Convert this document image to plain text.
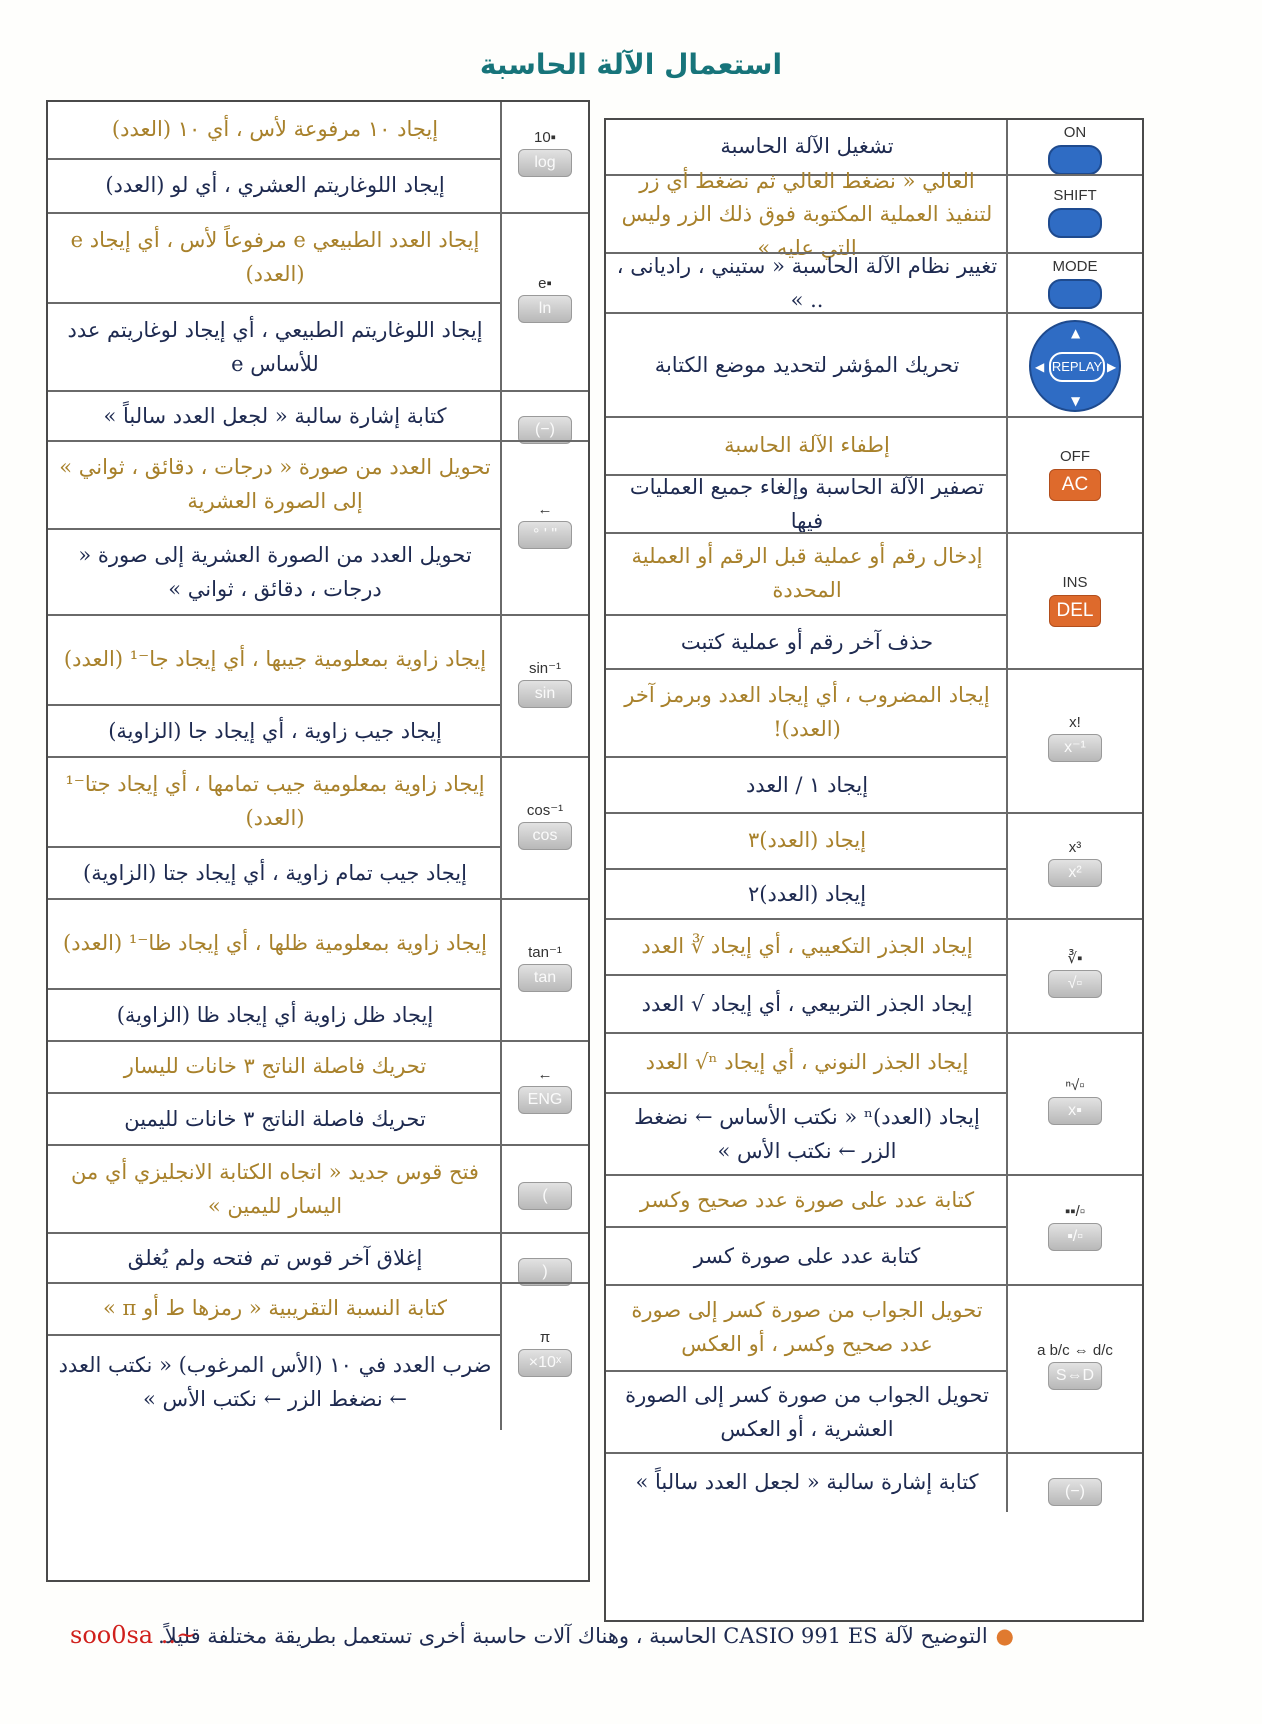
استعمال الآلة الحاسبة
ON
تشغيل الآلة الحاسبة
SHIFT
العالي « نضغط العالي ثم نضغط أي زر لتنفيذ العملية المكتوبة فوق ذلك الزر وليس التي عليه »
MODE
تغيير نظام الآلة الحاسبة « ستيني ، راديانى ، .. »
REPLAY
▲
▼
◀	▶
تحريك المؤشر لتحديد موضع الكتابة
OFF
AC
إطفاء الآلة الحاسبة
تصفير الآلة الحاسبة وإلغاء جميع العمليات فيها
INS
DEL
إدخال رقم أو عملية قبل الرقم أو العملية المحددة
حذف آخر رقم أو عملية كتبت
x!
x⁻¹
إيجاد المضروب ، أي إيجاد العدد وبرمز آخر (العدد)!
إيجاد ١ / العدد
x³
x²
إيجاد (العدد)٣
إيجاد (العدد)٢
∛▪
√▫
إيجاد الجذر التكعيبي ، أي إيجاد ∛ العدد
إيجاد الجذر التربيعي ، أي إيجاد √ العدد
ⁿ√▫
x▪
إيجاد الجذر النوني ، أي إيجاد ⁿ√ العدد
إيجاد (العدد)ⁿ « نكتب الأساس ← نضغط الزر ← نكتب الأس »
▪▪/▫
▪/▫
كتابة عدد على صورة عدد صحيح وكسر
كتابة عدد على صورة كسر
a b/c ⇔ d/c
S⇔D
تحويل الجواب من صورة كسر إلى صورة عدد صحيح وكسر ، أو العكس
تحويل الجواب من صورة كسر إلى الصورة العشرية ، أو العكس

(−)
كتابة إشارة سالبة « لجعل العدد سالباً »
10▪
log
إيجاد ١٠ مرفوعة لأس ، أي ١٠ (العدد)
إيجاد اللوغاريتم العشري ، أي لو (العدد)
e▪
ln
إيجاد العدد الطبيعي e مرفوعاً لأس ، أي إيجاد e (العدد)
إيجاد اللوغاريتم الطبيعي ، أي إيجاد لوغاريتم عدد للأساس e

(−)
كتابة إشارة سالبة « لجعل العدد سالباً »
←
° ' "
تحويل العدد من صورة « درجات ، دقائق ، ثواني » إلى الصورة العشرية
تحويل العدد من الصورة العشرية إلى صورة « درجات ، دقائق ، ثواني »
sin⁻¹
sin
إيجاد زاوية بمعلومية جيبها ، أي إيجاد جا⁻¹ (العدد)
إيجاد جيب زاوية ، أي إيجاد جا (الزاوية)
cos⁻¹
cos
إيجاد زاوية بمعلومية جيب تمامها ، أي إيجاد جتا⁻¹ (العدد)
إيجاد جيب تمام زاوية ، أي إيجاد جتا (الزاوية)
tan⁻¹
tan
إيجاد زاوية بمعلومية ظلها ، أي إيجاد ظا⁻¹ (العدد)
إيجاد ظل زاوية أي إيجاد ظا (الزاوية)
←
ENG
تحريك فاصلة الناتج ٣ خانات لليسار
تحريك فاصلة الناتج ٣ خانات لليمين

(
فتح قوس جديد « اتجاه الكتابة الانجليزي أي من اليسار لليمين »

)
إغلاق آخر قوس تم فتحه ولم يُغلق
π
×10ˣ
كتابة النسبة التقريبية « رمزها ط أو π »
ضرب العدد في ١٠ (الأس المرغوب) « نكتب العدد ← نضغط الزر ← نكتب الأس »
●التوضيح لآلة CASIO 991 ES الحاسبة ، وهناك آلات حاسبة أخرى تستعمل بطريقة مختلفة قليلاً.
soo0sa ..~
